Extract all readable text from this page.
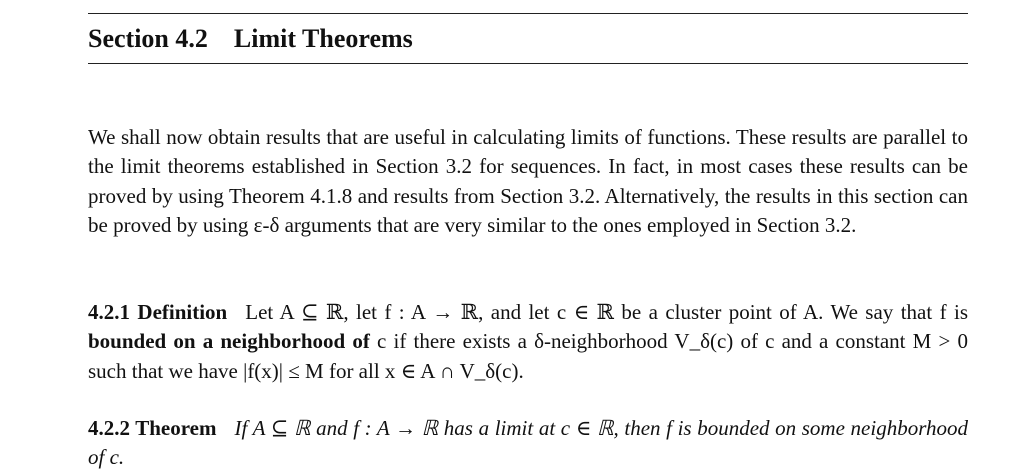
Section 4.2 Limit Theorems

We shall now obtain results that are useful in calculating limits of functions. These results are parallel to the limit theorems established in Section 3.2 for sequences. In fact, in most cases these results can be proved by using Theorem 4.1.8 and results from Section 3.2. Alternatively, the results in this section can be proved by using ε-δ arguments that are very similar to the ones employed in Section 3.2.

4.2.1 Definition Let A ⊆ ℝ, let f : A → ℝ, and let c ∈ ℝ be a cluster point of A. We say that f is bounded on a neighborhood of c if there exists a δ-neighborhood V_δ(c) of c and a constant M > 0 such that we have |f(x)| ≤ M for all x ∈ A ∩ V_δ(c).

4.2.2 Theorem If A ⊆ ℝ and f : A → ℝ has a limit at c ∈ ℝ, then f is bounded on some neighborhood of c.
